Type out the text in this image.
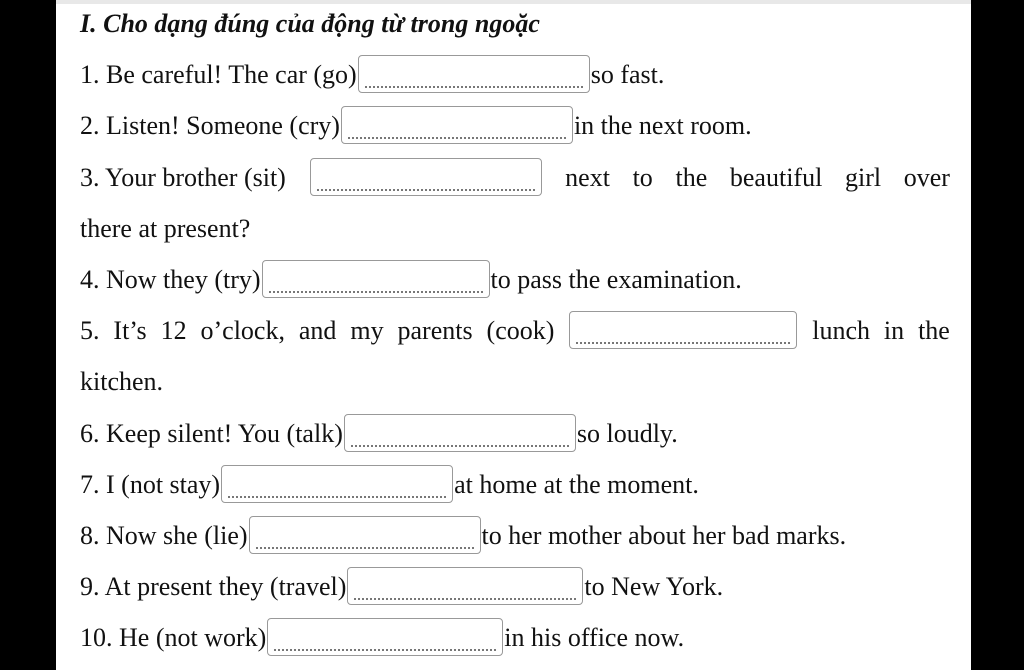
I. Cho dạng đúng của động từ trong ngoặc
1. Be careful! The car (go)	so fast.
2. Listen! Someone (cry)	in the next room.
3. Your brother (sit)	next to the beautiful girl over
there at present?
4. Now they (try)	to pass the examination.
5. It’s 12 o’clock, and my parents (cook)	lunch in the
kitchen.
6. Keep silent! You (talk)	so loudly.
7. I (not stay)	at home at the moment.
8. Now she (lie)	to her mother about her bad marks.
9. At present they (travel)	to New York.
10. He (not work)	in his office now.
